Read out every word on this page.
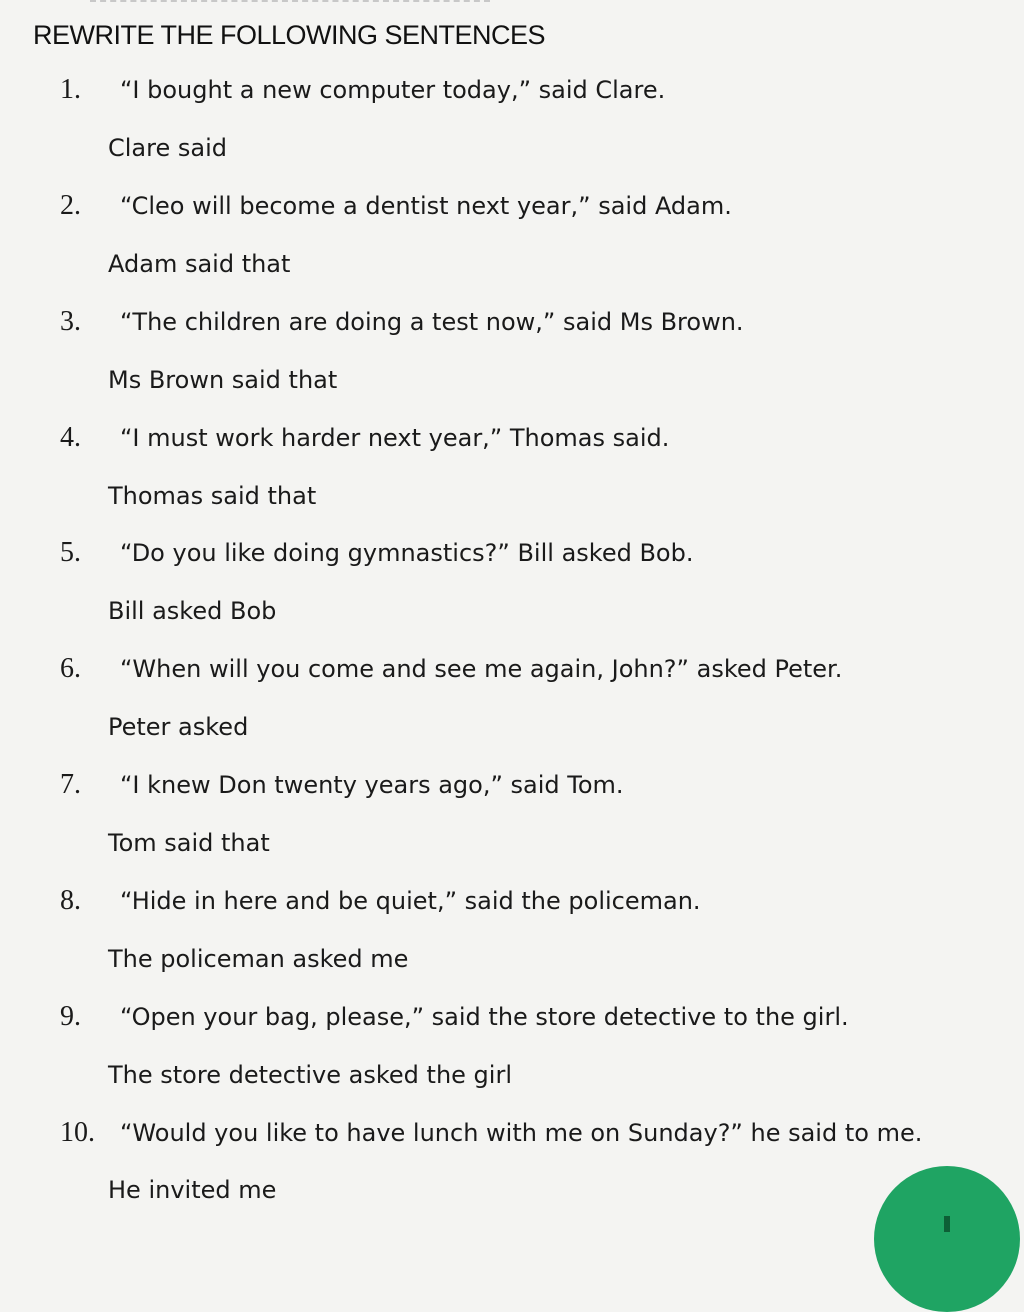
REWRITE THE FOLLOWING SENTENCES
1. “I bought a new computer today,” said Clare.
Clare said
2. “Cleo will become a dentist next year,” said Adam.
Adam said that
3. “The children are doing a test now,” said Ms Brown.
Ms Brown said that
4. “I must work harder next year,” Thomas said.
Thomas said that
5. “Do you like doing gymnastics?” Bill asked Bob.
Bill asked Bob
6. “When will you come and see me again, John?” asked Peter.
Peter asked
7. “I knew Don twenty years ago,” said Tom.
Tom said that
8. “Hide in here and be quiet,” said the policeman.
The policeman asked me
9. “Open your bag, please,” said the store detective to the girl.
The store detective asked the girl
10. “Would you like to have lunch with me on Sunday?” he said to me.
He invited me
